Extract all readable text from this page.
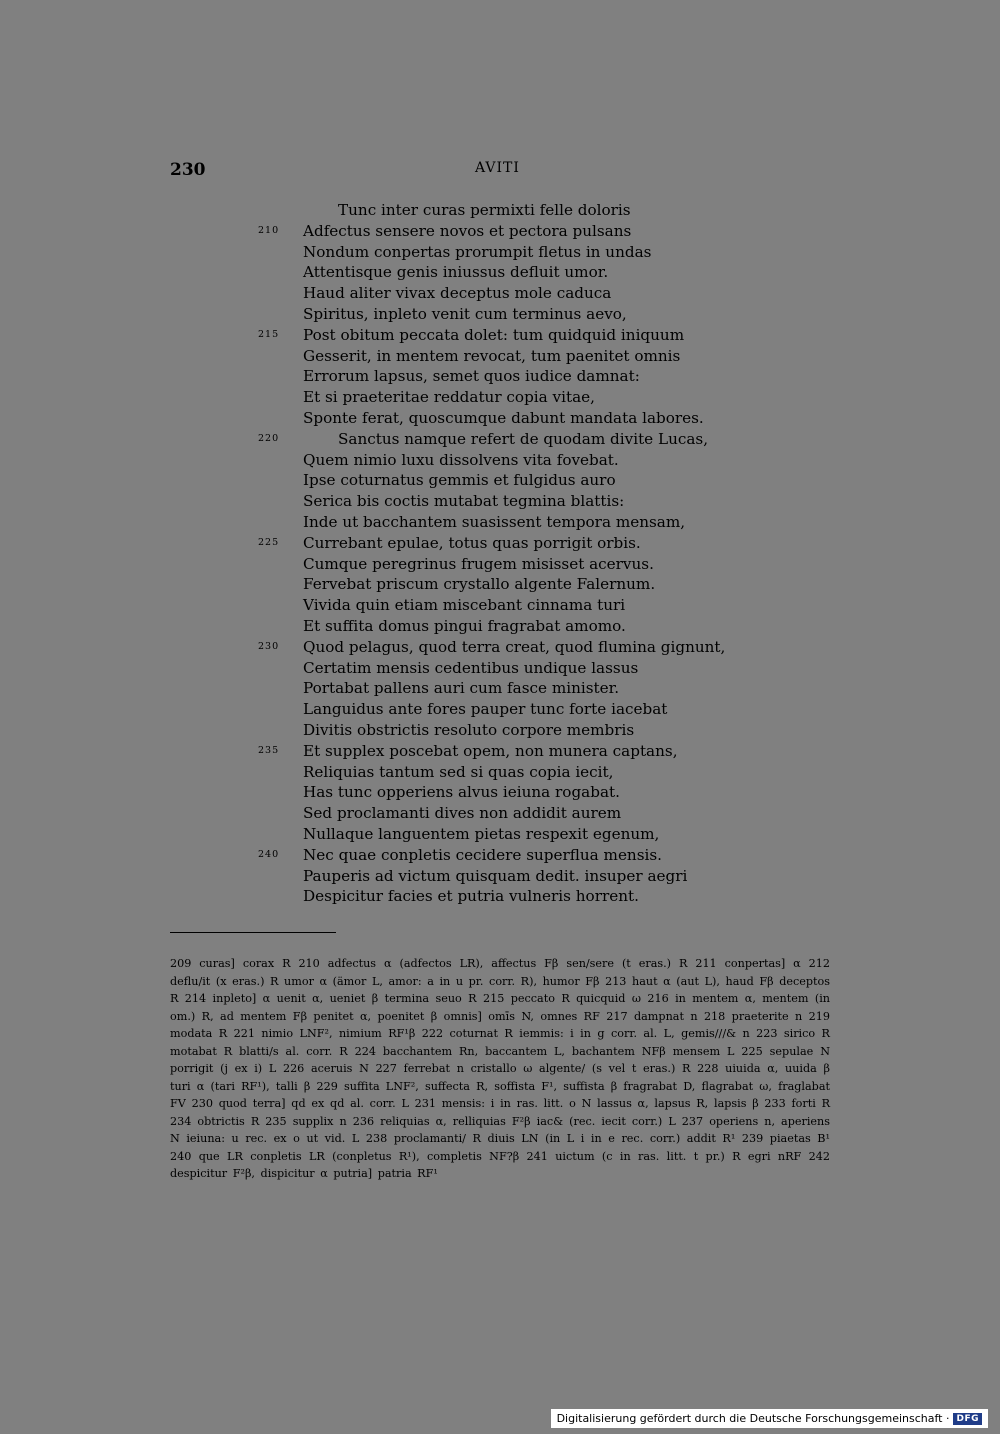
230	AVITI
Tunc inter curas permixti felle doloris
210	Adfectus sensere novos et pectora pulsans
Nondum conpertas prorumpit fletus in undas
Attentisque genis iniussus defluit umor.
Haud aliter vivax deceptus mole caduca
Spiritus, inpleto venit cum terminus aevo,
215	Post obitum peccata dolet: tum quidquid iniquum
Gesserit, in mentem revocat, tum paenitet omnis
Errorum lapsus, semet quos iudice damnat:
Et si praeteritae reddatur copia vitae,
Sponte ferat, quoscumque dabunt mandata labores.
220	Sanctus namque refert de quodam divite Lucas,
Quem nimio luxu dissolvens vita fovebat.
Ipse coturnatus gemmis et fulgidus auro
Serica bis coctis mutabat tegmina blattis:
Inde ut bacchantem suasissent tempora mensam,
225	Currebant epulae, totus quas porrigit orbis.
Cumque peregrinus frugem misisset acervus.
Fervebat priscum crystallo algente Falernum.
Vivida quin etiam miscebant cinnama turi
Et suffita domus pingui fragrabat amomo.
230	Quod pelagus, quod terra creat, quod flumina gignunt,
Certatim mensis cedentibus undique lassus
Portabat pallens auri cum fasce minister.
Languidus ante fores pauper tunc forte iacebat
Divitis obstrictis resoluto corpore membris
235	Et supplex poscebat opem, non munera captans,
Reliquias tantum sed si quas copia iecit,
Has tunc opperiens alvus ieiuna rogabat.
Sed proclamanti dives non addidit aurem
Nullaque languentem pietas respexit egenum,
240	Nec quae conpletis cecidere superflua mensis.
Pauperis ad victum quisquam dedit. insuper aegri
Despicitur facies et putria vulneris horrent.
209 curas] corax R 210 adfectus α (adfectos LR), affectus Fβ sen/sere (t eras.) R 211 conpertas] α 212 deflu/it (x eras.) R umor α (ämor L, amor: a in u pr. corr. R), humor Fβ 213 haut α (aut L), haud Fβ deceptos R 214 inpleto] α uenit α, ueniet β termina seuo R 215 peccato R quicquid ω 216 in mentem α, mentem (in om.) R, ad mentem Fβ penitet α, poenitet β omnis] omīs N, omnes RF 217 dampnat n 218 praeterite n 219 modata R 221 nimio LNF², nimium RF¹β 222 coturnat R iemmis: i in g corr. al. L, gemis///& n 223 sirico R motabat R blatti/s al. corr. R 224 bacchantem Rn, baccantem L, bachantem NFβ mensem L 225 sepulae N porrigit (j ex i) L 226 aceruis N 227 ferrebat n cristallo ω algente/ (s vel t eras.) R 228 uiuida α, uuida β turi α (tari RF¹), talli β 229 suffita LNF², suffecta R, soffista F¹, suffista β fragrabat D, flagrabat ω, fraglabat FV 230 quod terra] qd ex qd al. corr. L 231 mensis: i in ras. litt. o N lassus α, lapsus R, lapsis β 233 forti R 234 obtrictis R 235 supplix n 236 reliquias α, relliquias F²β iac& (rec. iecit corr.) L 237 operiens n, aperiens N ieiuna: u rec. ex o ut vid. L 238 proclamanti/ R diuis LN (in L i in e rec. corr.) addit R¹ 239 piaetas B¹ 240 que LR conpletis LR (conpletus R¹), completis NF?β 241 uictum (c in ras. litt. t pr.) R egri nRF 242 despicitur F²β, dispicitur α putria] patria RF¹
Digitalisierung gefördert durch die Deutsche Forschungsgemeinschaft · DFG
